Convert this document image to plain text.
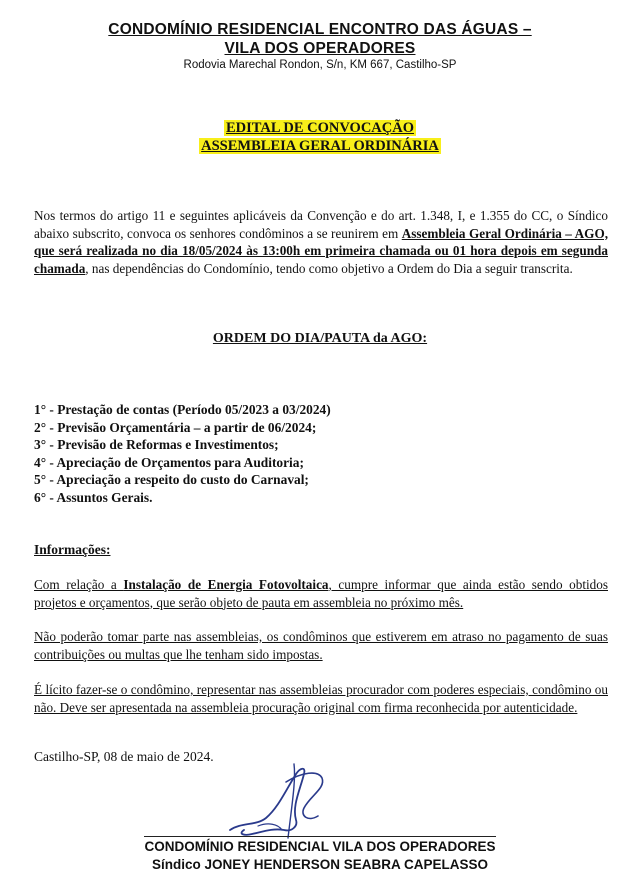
CONDOMÍNIO RESIDENCIAL ENCONTRO DAS ÁGUAS –
VILA DOS OPERADORES
Rodovia Marechal Rondon, S/n, KM 667, Castilho-SP
EDITAL DE CONVOCAÇÃO
ASSEMBLEIA GERAL ORDINÁRIA
Nos termos do artigo 11 e seguintes aplicáveis da Convenção e do art. 1.348, I, e 1.355 do CC, o Síndico abaixo subscrito, convoca os senhores condôminos a se reunirem em Assembleia Geral Ordinária – AGO, que será realizada no dia 18/05/2024 às 13:00h em primeira chamada ou 01 hora depois em segunda chamada, nas dependências do Condomínio, tendo como objetivo a Ordem do Dia a seguir transcrita.
ORDEM DO DIA/PAUTA da AGO:
1° - Prestação de contas (Período 05/2023 a 03/2024)
2° - Previsão Orçamentária – a partir de 06/2024;
3° - Previsão de Reformas e Investimentos;
4° - Apreciação de Orçamentos para Auditoria;
5° - Apreciação a respeito do custo do Carnaval;
6° - Assuntos Gerais.
Informações:
Com relação a Instalação de Energia Fotovoltaica, cumpre informar que ainda estão sendo obtidos projetos e orçamentos, que serão objeto de pauta em assembleia no próximo mês.
Não poderão tomar parte nas assembleias, os condôminos que estiverem em atraso no pagamento de suas contribuições ou multas que lhe tenham sido impostas.
É lícito fazer-se o condômino, representar nas assembleias procurador com poderes especiais, condômino ou não. Deve ser apresentada na assembleia procuração original com firma reconhecida por autenticidade.
Castilho-SP, 08 de maio de 2024.
CONDOMÍNIO RESIDENCIAL VILA DOS OPERADORES
Síndico JONEY HENDERSON SEABRA CAPELASSO
